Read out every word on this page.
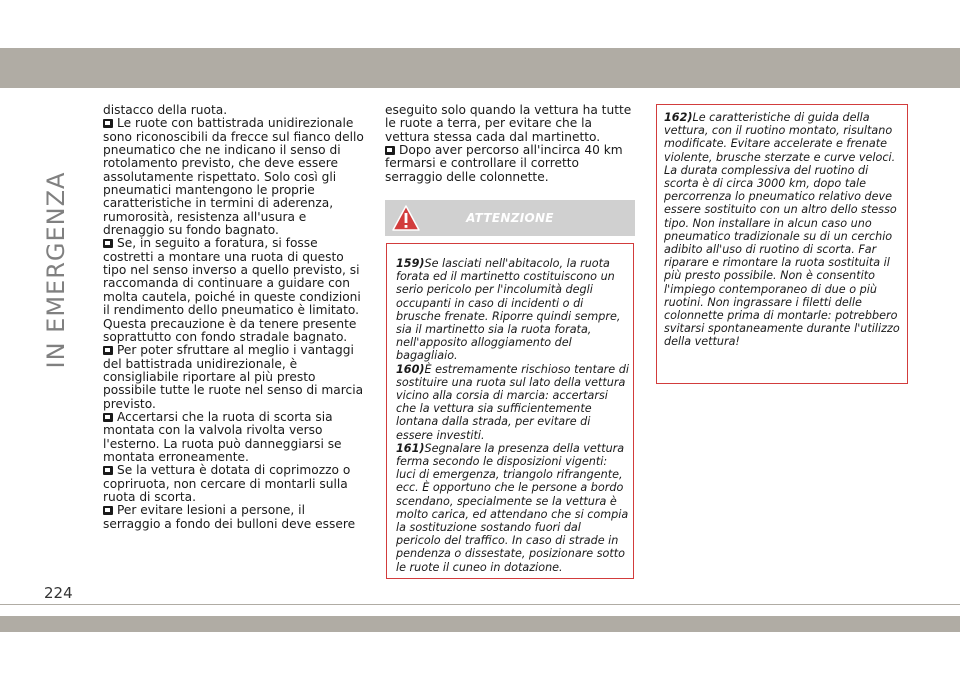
IN EMERGENZA
224

distacco della ruota.

Le ruote con battistrada unidirezionale sono riconoscibili da frecce sul fianco dello pneumatico che ne indicano il senso di rotolamento previsto, che deve essere assolutamente rispettato. Solo così gli pneumatici mantengono le proprie caratteristiche in termini di aderenza, rumorosità, resistenza all'usura e drenaggio su fondo bagnato.

Se, in seguito a foratura, si fosse costretti a montare una ruota di questo tipo nel senso inverso a quello previsto, si raccomanda di continuare a guidare con molta cautela, poiché in queste condizioni il rendimento dello pneumatico è limitato. Questa precauzione è da tenere presente soprattutto con fondo stradale bagnato.

Per poter sfruttare al meglio i vantaggi del battistrada unidirezionale, è consigliabile riportare al più presto possibile tutte le ruote nel senso di marcia previsto.

Accertarsi che la ruota di scorta sia montata con la valvola rivolta verso l'esterno. La ruota può danneggiarsi se montata erroneamente.

Se la vettura è dotata di coprimozzo o copriruota, non cercare di montarli sulla ruota di scorta.

Per evitare lesioni a persone, il serraggio a fondo dei bulloni deve essere

eseguito solo quando la vettura ha tutte le ruote a terra, per evitare che la vettura stessa cada dal martinetto.

Dopo aver percorso all'incirca 40 km fermarsi e controllare il corretto serraggio delle colonnette.

ATTENZIONE

159)Se lasciati nell'abitacolo, la ruota forata ed il martinetto costituiscono un serio pericolo per l'incolumità degli occupanti in caso di incidenti o di brusche frenate. Riporre quindi sempre, sia il martinetto sia la ruota forata, nell'apposito alloggiamento del bagagliaio.

160)È estremamente rischioso tentare di sostituire una ruota sul lato della vettura vicino alla corsia di marcia: accertarsi che la vettura sia sufficientemente lontana dalla strada, per evitare di essere investiti.

161)Segnalare la presenza della vettura ferma secondo le disposizioni vigenti: luci di emergenza, triangolo rifrangente, ecc. È opportuno che le persone a bordo scendano, specialmente se la vettura è molto carica, ed attendano che si compia la sostituzione sostando fuori dal pericolo del traffico. In caso di strade in pendenza o dissestate, posizionare sotto le ruote il cuneo in dotazione.

162)Le caratteristiche di guida della vettura, con il ruotino montato, risultano modificate. Evitare accelerate e frenate violente, brusche sterzate e curve veloci. La durata complessiva del ruotino di scorta è di circa 3000 km, dopo tale percorrenza lo pneumatico relativo deve essere sostituito con un altro dello stesso tipo. Non installare in alcun caso uno pneumatico tradizionale su di un cerchio adibito all'uso di ruotino di scorta. Far riparare e rimontare la ruota sostituita il più presto possibile. Non è consentito l'impiego contemporaneo di due o più ruotini. Non ingrassare i filetti delle colonnette prima di montarle: potrebbero svitarsi spontaneamente durante l'utilizzo della vettura!
